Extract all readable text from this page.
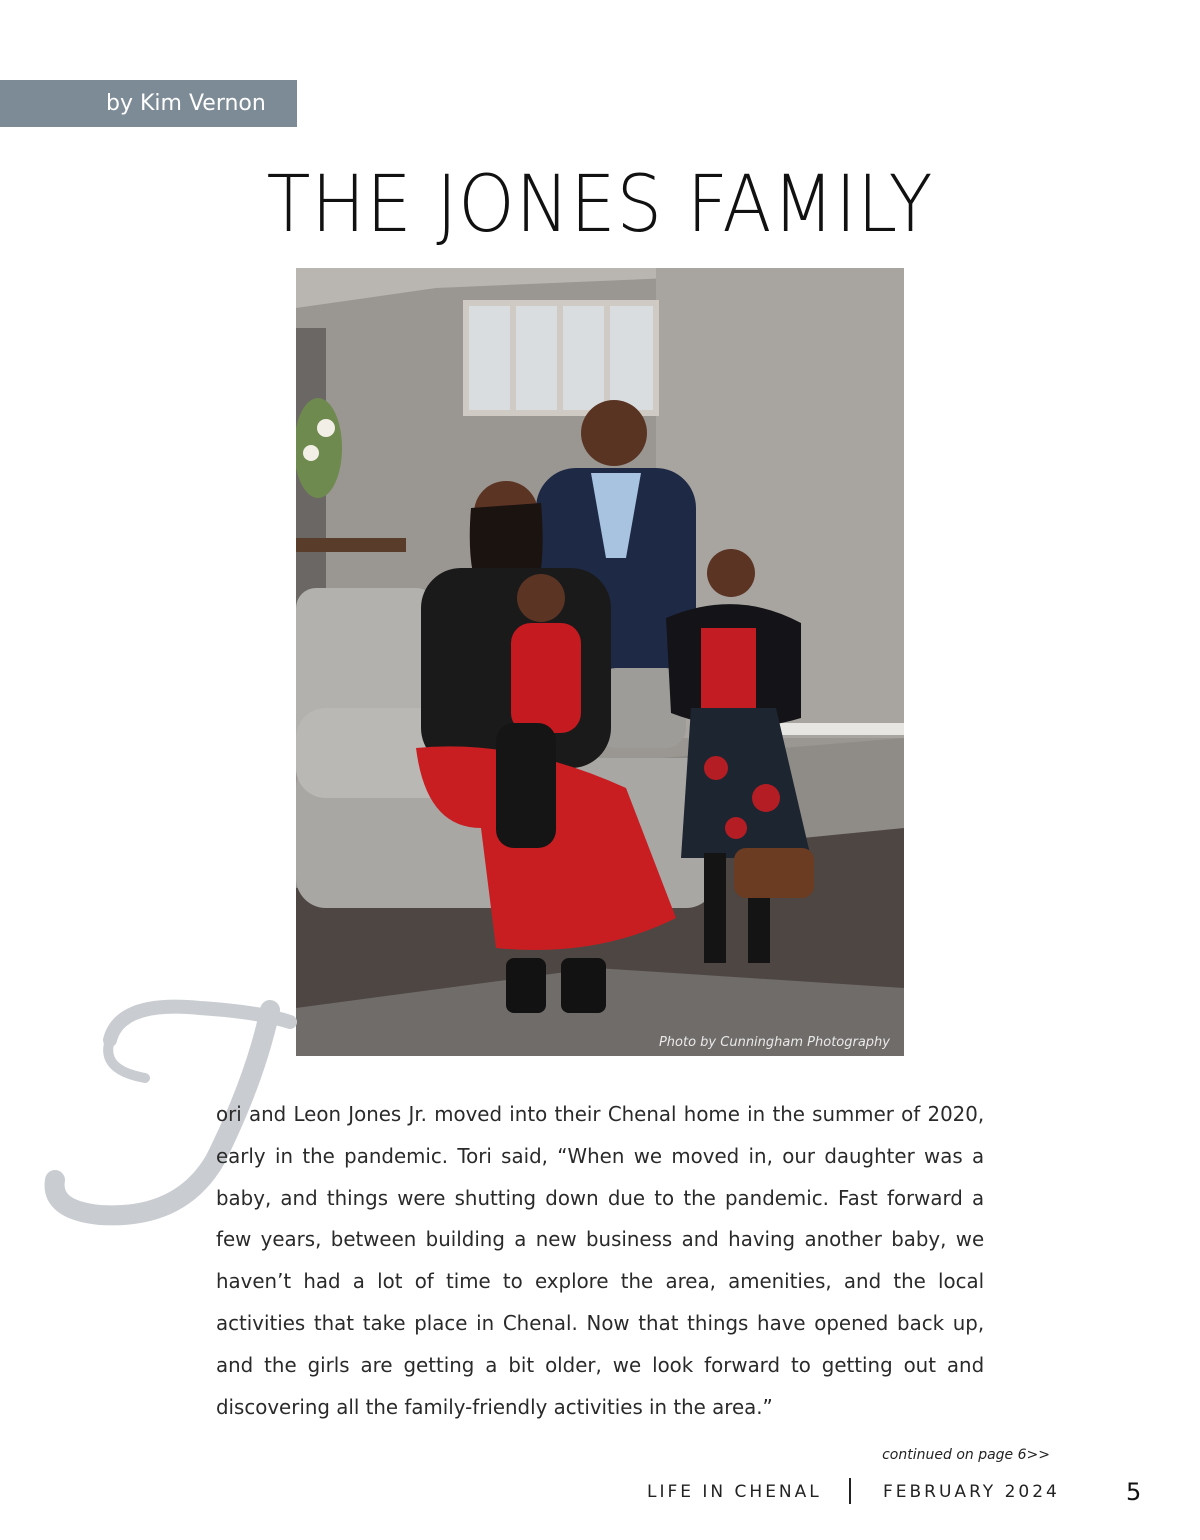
by Kim Vernon
THE JONES FAMILY
Photo by Cunningham Photography
ori and Leon Jones Jr. moved into their Chenal home in the summer of 2020, early in the pandemic. Tori said, “When we moved in, our daughter was a baby, and things were shutting down due to the pandemic. Fast forward a few years, between building a new business and having another baby, we haven’t had a lot of time to explore the area, amenities, and the local activities that take place in Chenal. Now that things have opened back up, and the girls are getting a bit older, we look forward to getting out and discovering all the family-friendly activities in the area.”
continued on page 6>>
LIFE IN CHENAL	FEBRUARY 2024	5
